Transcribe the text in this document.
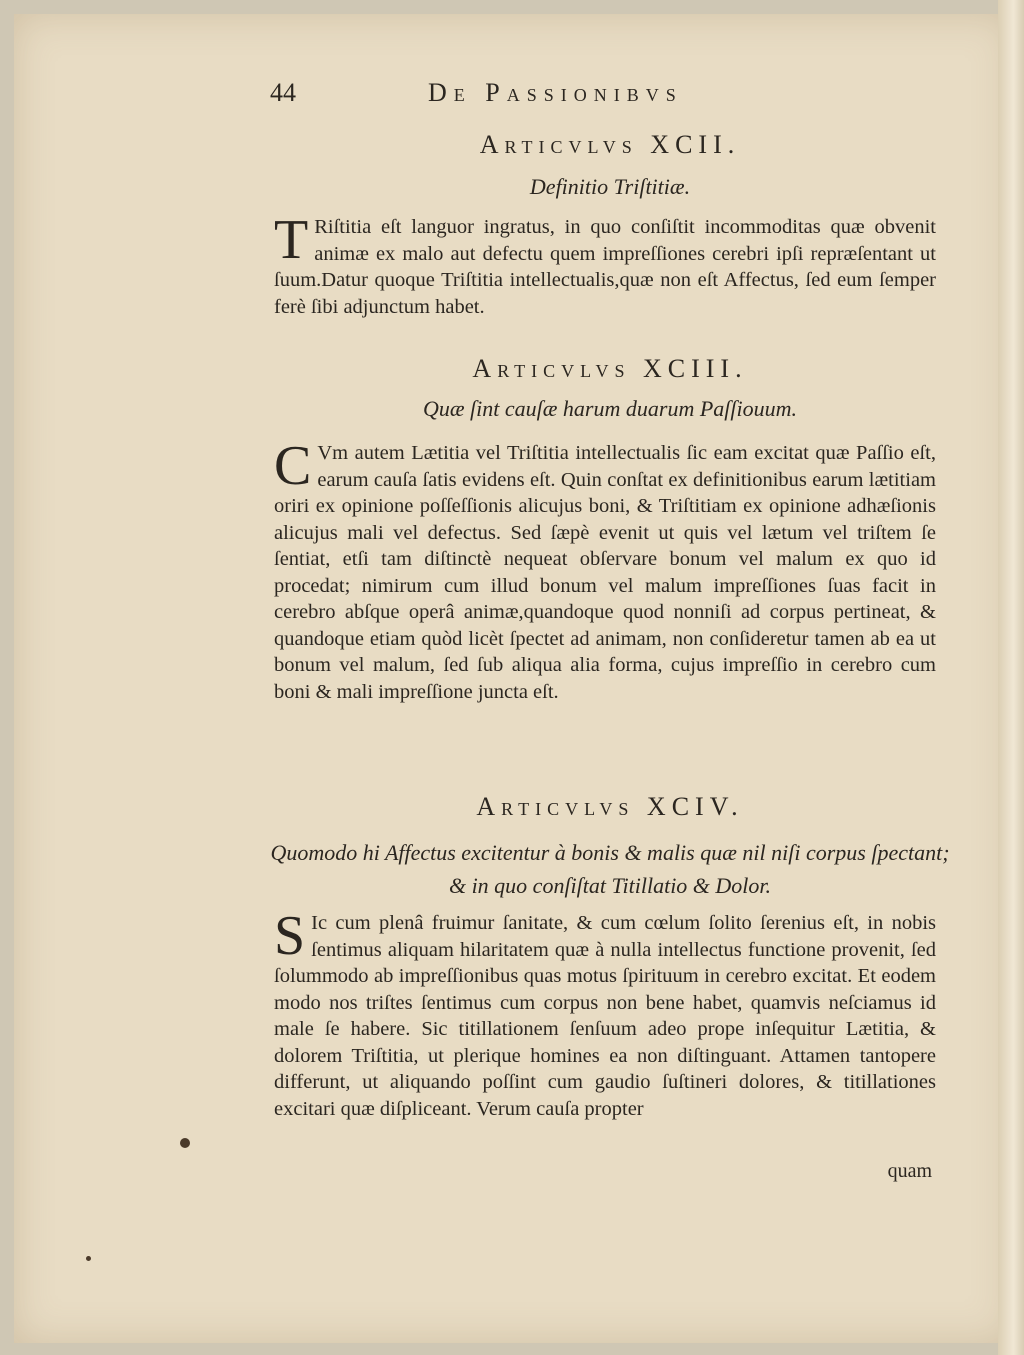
44	De Passionibvs
Articvlvs XCII.
Definitio Triſtitiæ.
T Riſtitia eſt languor ingratus, in quo conſiſtit incommoditas quæ obvenit animæ ex malo aut defectu quem impreſſiones cerebri ipſi repræſentant ut ſuum.Datur quoque Triſtitia intellectualis,quæ non eſt Affectus, ſed eum ſemper ferè ſibi adjunctum habet.
Articvlvs XCIII.
Quæ ſint cauſæ harum duarum Paſſiouum.
C Vm autem Lætitia vel Triſtitia intellectualis ſic eam excitat quæ Paſſio eſt, earum cauſa ſatis evidens eſt. Quin conſtat ex definitionibus earum lætitiam oriri ex opinione poſſeſſionis alicujus boni, & Triſtitiam ex opinione adhæſionis alicujus mali vel defectus. Sed ſæpè evenit ut quis vel lætum vel triſtem ſe ſentiat, etſi tam diſtinctè nequeat obſervare bonum vel malum ex quo id procedat; nimirum cum illud bonum vel malum impreſſiones ſuas facit in cerebro abſque operâ animæ,quandoque quod nonniſi ad corpus pertineat, & quandoque etiam quòd licèt ſpectet ad animam, non conſideretur tamen ab ea ut bonum vel malum, ſed ſub aliqua alia forma, cujus impreſſio in cerebro cum boni & mali impreſſione juncta eſt.
Articvlvs XCIV.
Quomodo hi Affectus excitentur à bonis & malis quæ nil niſi corpus ſpectant; & in quo conſiſtat Titillatio & Dolor.
S Ic cum plenâ fruimur ſanitate, & cum cœlum ſolito ſerenius eſt, in nobis ſentimus aliquam hilaritatem quæ à nulla intellectus functione provenit, ſed ſolummodo ab impreſſionibus quas motus ſpirituum in cerebro excitat. Et eodem modo nos triſtes ſentimus cum corpus non bene habet, quamvis neſciamus id male ſe habere. Sic titillationem ſenſuum adeo prope inſequitur Lætitia, & dolorem Triſtitia, ut plerique homines ea non diſtinguant. Attamen tantopere differunt, ut aliquando poſſint cum gaudio ſuſtineri dolores, & titillationes excitari quæ diſpliceant. Verum cauſa propter
quam
